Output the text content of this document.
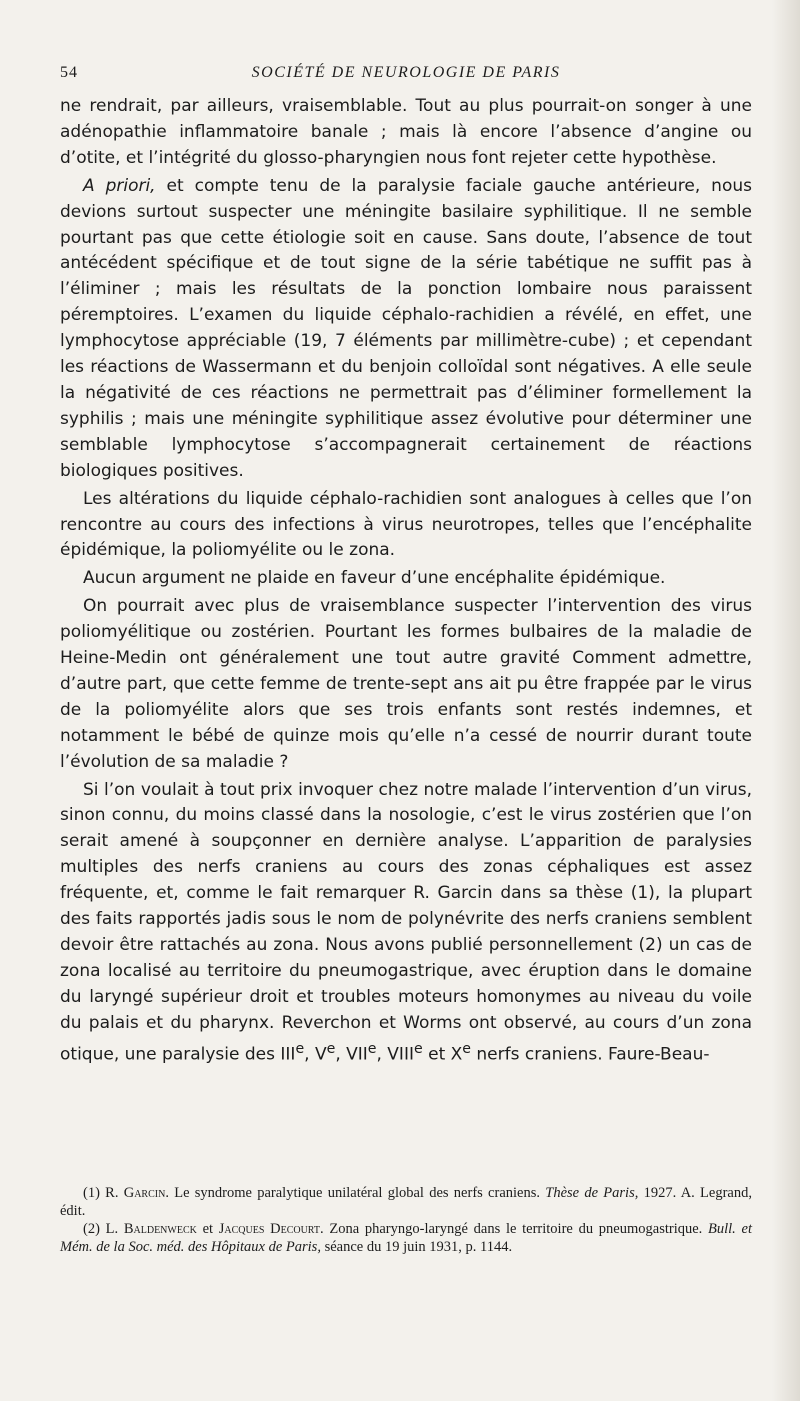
54	SOCIÉTÉ DE NEUROLOGIE DE PARIS

ne rendrait, par ailleurs, vraisemblable. Tout au plus pourrait-on songer à une adénopathie inflammatoire banale ; mais là encore l’absence d’angine ou d’otite, et l’intégrité du glosso-pharyngien nous font rejeter cette hypothèse.

A priori, et compte tenu de la paralysie faciale gauche antérieure, nous devions surtout suspecter une méningite basilaire syphilitique. Il ne semble pourtant pas que cette étiologie soit en cause. Sans doute, l’absence de tout antécédent spécifique et de tout signe de la série tabétique ne suffit pas à l’éliminer ; mais les résultats de la ponction lombaire nous paraissent péremptoires. L’examen du liquide céphalo-rachidien a révélé, en effet, une lymphocytose appréciable (19, 7 éléments par millimètre-cube) ; et cependant les réactions de Wassermann et du benjoin colloïdal sont négatives. A elle seule la négativité de ces réactions ne permettrait pas d’éliminer formellement la syphilis ; mais une méningite syphilitique assez évolutive pour déterminer une semblable lymphocytose s’accompagnerait certainement de réactions biologiques positives.

Les altérations du liquide céphalo-rachidien sont analogues à celles que l’on rencontre au cours des infections à virus neurotropes, telles que l’encéphalite épidémique, la poliomyélite ou le zona.

Aucun argument ne plaide en faveur d’une encéphalite épidémique.

On pourrait avec plus de vraisemblance suspecter l’intervention des virus poliomyélitique ou zostérien. Pourtant les formes bulbaires de la maladie de Heine-Medin ont généralement une tout autre gravité Comment admettre, d’autre part, que cette femme de trente-sept ans ait pu être frappée par le virus de la poliomyélite alors que ses trois enfants sont restés indemnes, et notamment le bébé de quinze mois qu’elle n’a cessé de nourrir durant toute l’évolution de sa maladie ?

Si l’on voulait à tout prix invoquer chez notre malade l’intervention d’un virus, sinon connu, du moins classé dans la nosologie, c’est le virus zostérien que l’on serait amené à soupçonner en dernière analyse. L’apparition de paralysies multiples des nerfs craniens au cours des zonas céphaliques est assez fréquente, et, comme le fait remarquer R. Garcin dans sa thèse (1), la plupart des faits rapportés jadis sous le nom de polynévrite des nerfs craniens semblent devoir être rattachés au zona. Nous avons publié personnellement (2) un cas de zona localisé au territoire du pneumogastrique, avec éruption dans le domaine du laryngé supérieur droit et troubles moteurs homonymes au niveau du voile du palais et du pharynx. Reverchon et Worms ont observé, au cours d’un zona otique, une paralysie des IIIe, Ve, VIIe, VIIIe et Xe nerfs craniens. Faure-Beau-

(1) R. Garcin. Le syndrome paralytique unilatéral global des nerfs craniens. Thèse de Paris, 1927. A. Legrand, édit.

(2) L. Baldenweck et Jacques Decourt. Zona pharyngo-laryngé dans le territoire du pneumogastrique. Bull. et Mém. de la Soc. méd. des Hôpitaux de Paris, séance du 19 juin 1931, p. 1144.
